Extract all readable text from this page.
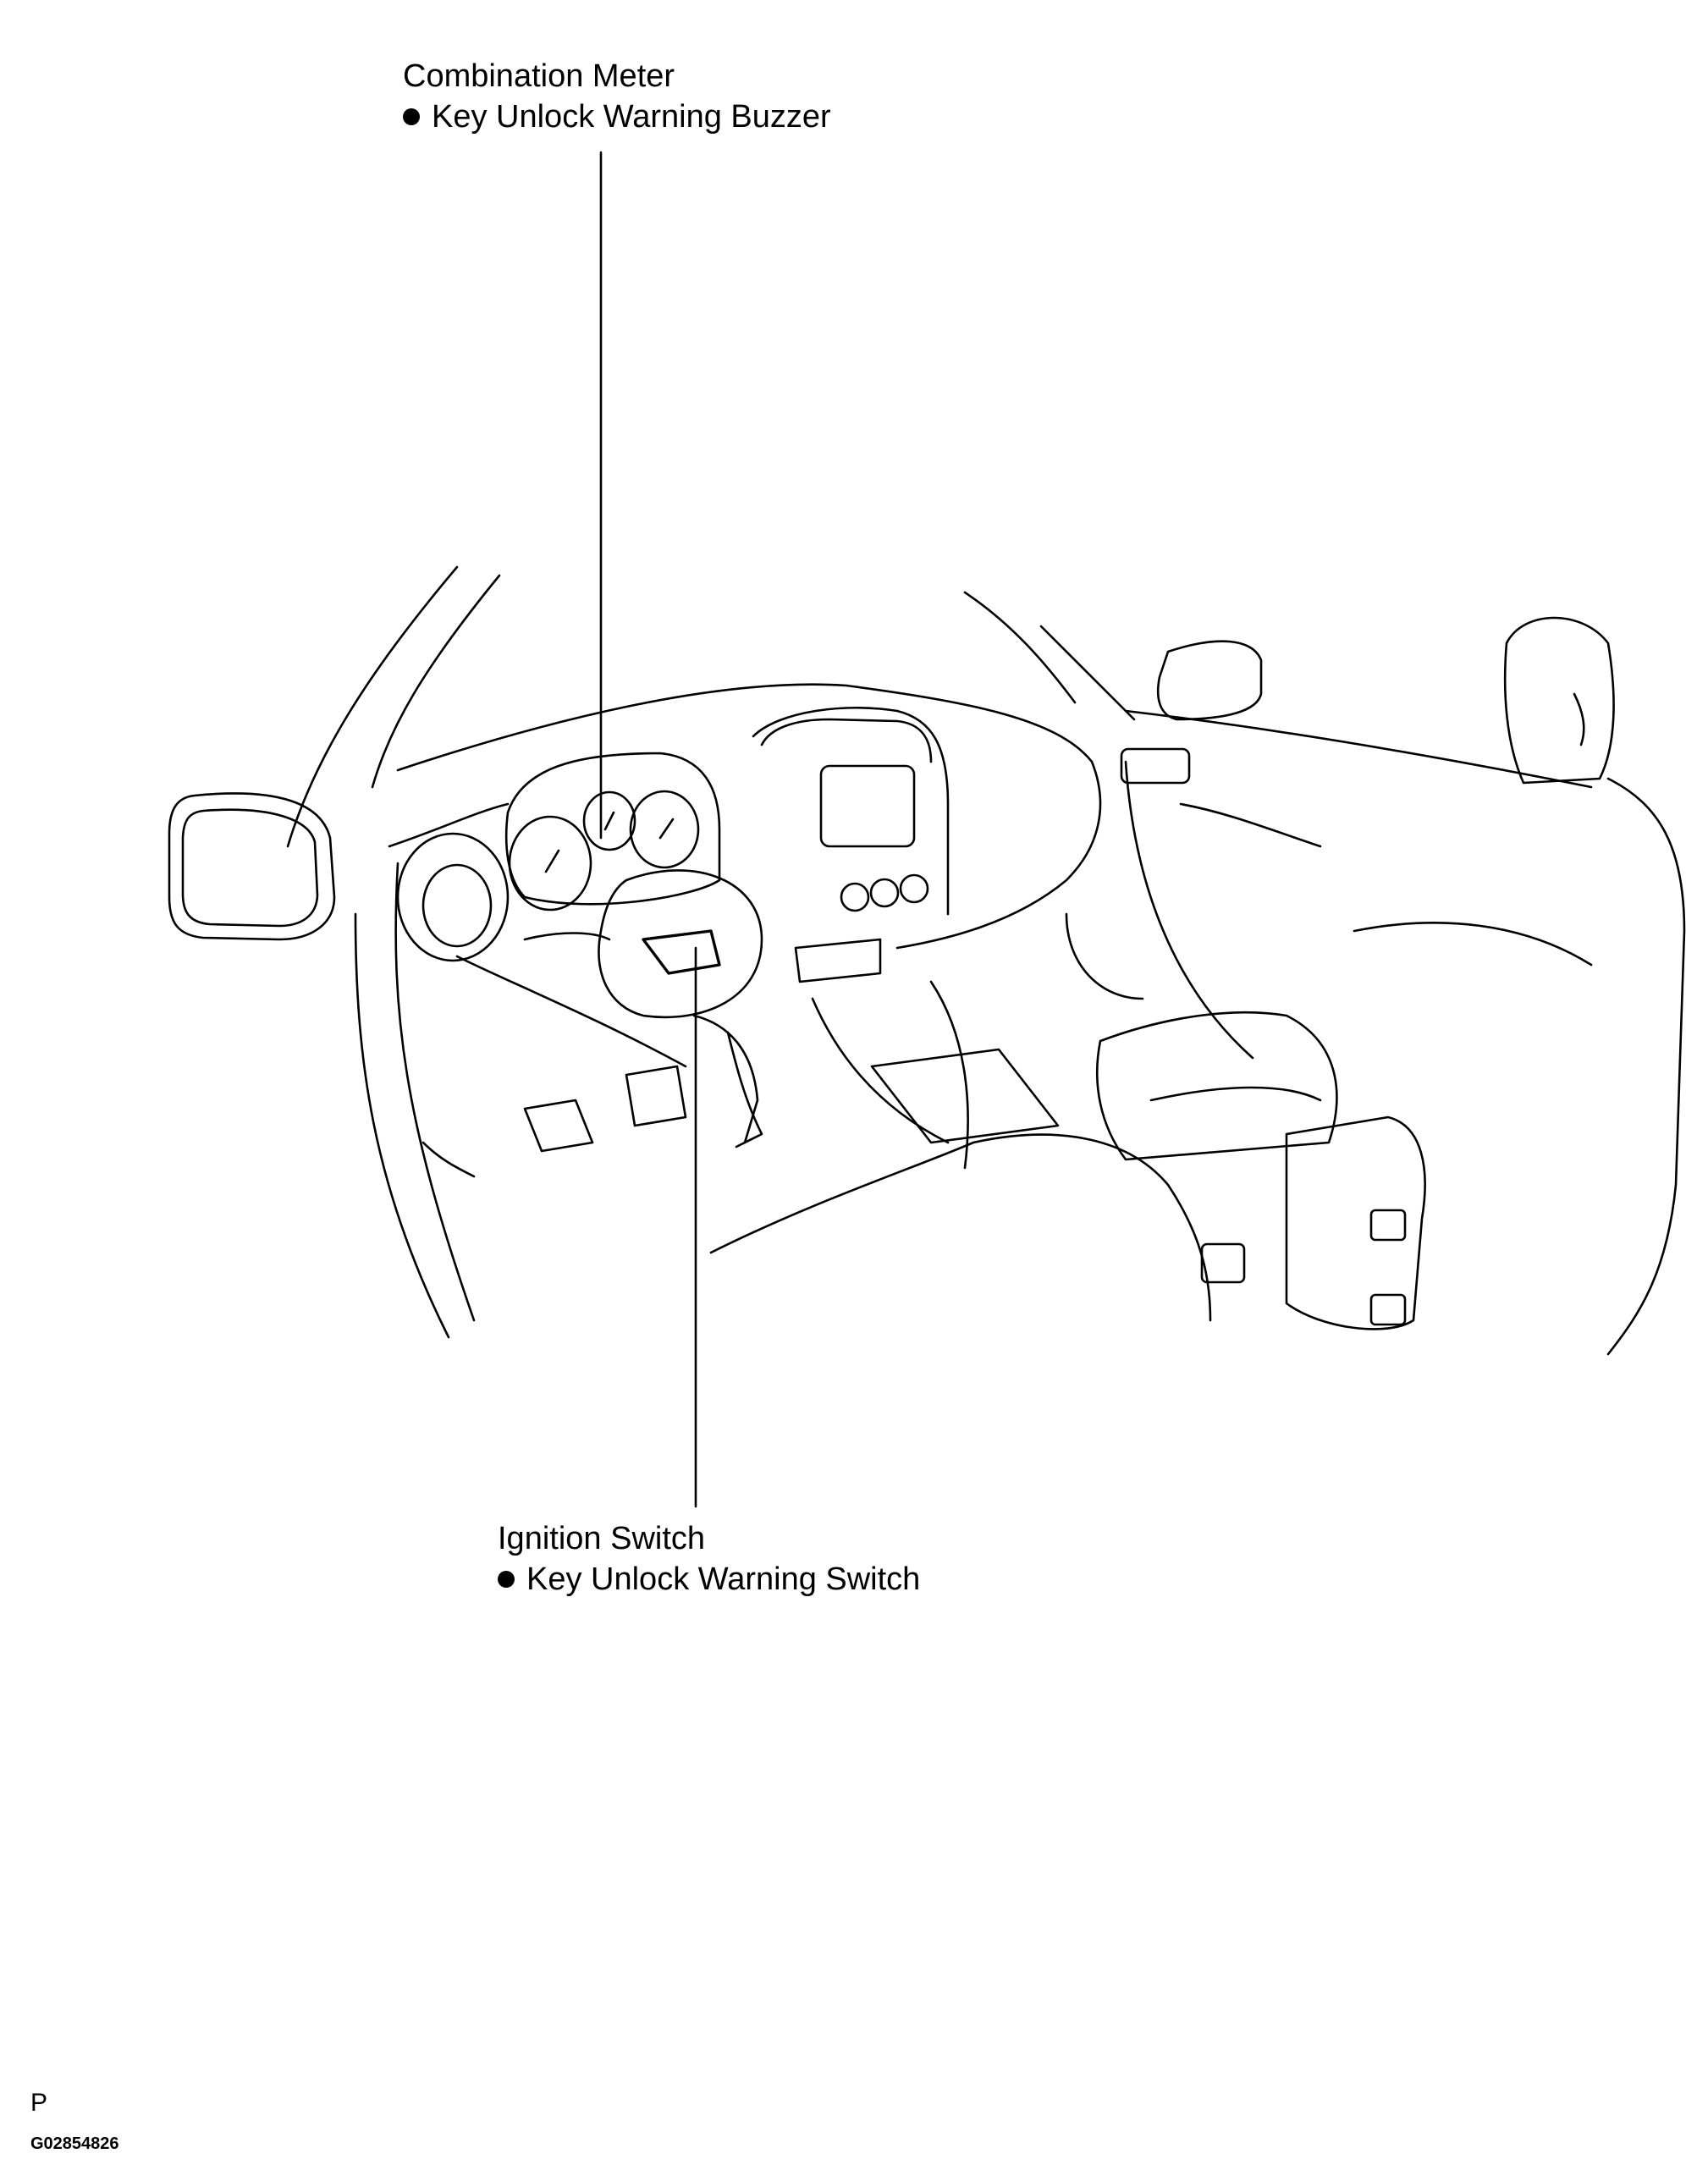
Combination Meter
Key Unlock Warning Buzzer
Ignition Switch
Key Unlock Warning Switch
P
G02854826
